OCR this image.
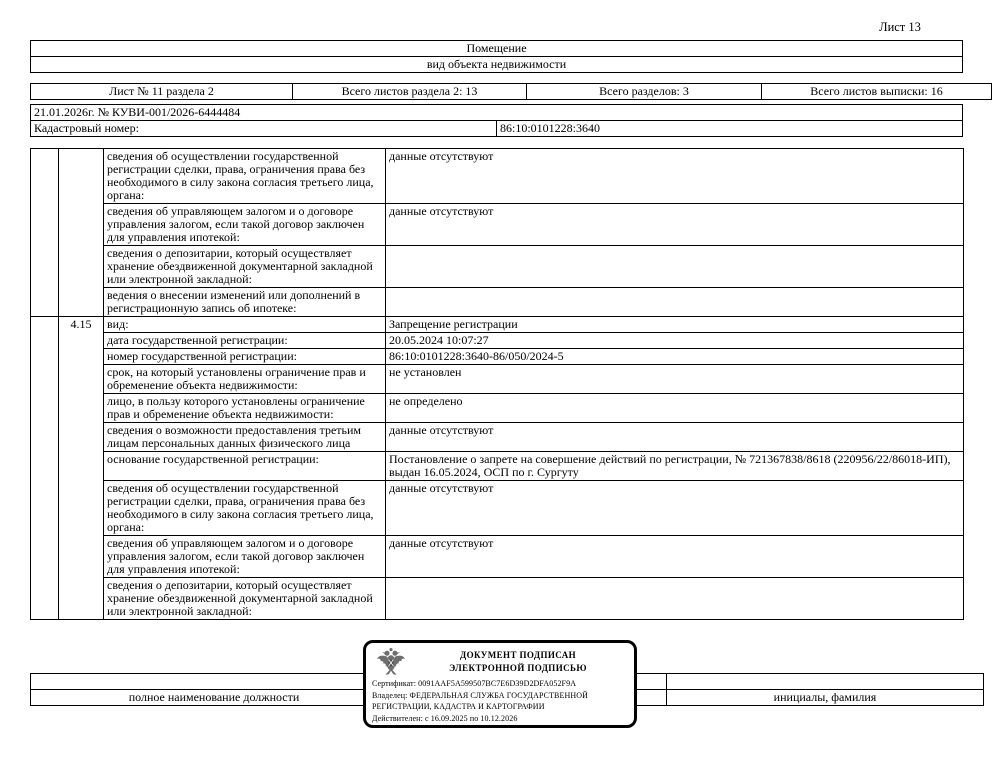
Лист 13
Помещение
вид объекта недвижимости
Лист № 11 раздела 2	Всего листов раздела 2: 13	Всего разделов: 3	Всего листов выписки: 16
21.01.2026г. № КУВИ-001/2026-6444484
Кадастровый номер:	86:10:0101228:3640
		сведения об осуществлении государственной регистрации сделки, права, ограничения права без необходимого в силу закона согласия третьего лица, органа:	данные отсутствуют
		сведения об управляющем залогом и о договоре управления залогом, если такой договор заключен для управления ипотекой:	данные отсутствуют
		сведения о депозитарии, который осуществляет хранение обездвиженной документарной закладной или электронной закладной:	
		ведения о внесении изменений или дополнений в регистрационную запись об ипотеке:	
	4.15	вид:	Запрещение регистрации
		дата государственной регистрации:	20.05.2024 10:07:27
		номер государственной регистрации:	86:10:0101228:3640-86/050/2024-5
		срок, на который установлены ограничение прав и обременение объекта недвижимости:	не установлен
		лицо, в пользу которого установлены ограничение прав и обременение объекта недвижимости:	не определено
		сведения о возможности предоставления третьим лицам персональных данных физического лица	данные отсутствуют
		основание государственной регистрации:	Постановление о запрете на совершение действий по регистрации, № 721367838/8618 (220956/22/86018-ИП), выдан 16.05.2024, ОСП по г. Сургуту
		сведения об осуществлении государственной регистрации сделки, права, ограничения права без необходимого в силу закона согласия третьего лица, органа:	данные отсутствуют
		сведения об управляющем залогом и о договоре управления залогом, если такой договор заключен для управления ипотекой:	данные отсутствуют
		сведения о депозитарии, который осуществляет хранение обездвиженной документарной закладной или электронной закладной:	

полное наименование должности		инициалы, фамилия
ДОКУМЕНТ ПОДПИСАН
ЭЛЕКТРОННОЙ ПОДПИСЬЮ
Сертификат: 0091AAF5A599507BC7E6D39D2DFA052F9A
Владелец: ФЕДЕРАЛЬНАЯ СЛУЖБА ГОСУДАРСТВЕННОЙ
РЕГИСТРАЦИИ, КАДАСТРА И КАРТОГРАФИИ
Действителен: с 16.09.2025 по 10.12.2026
